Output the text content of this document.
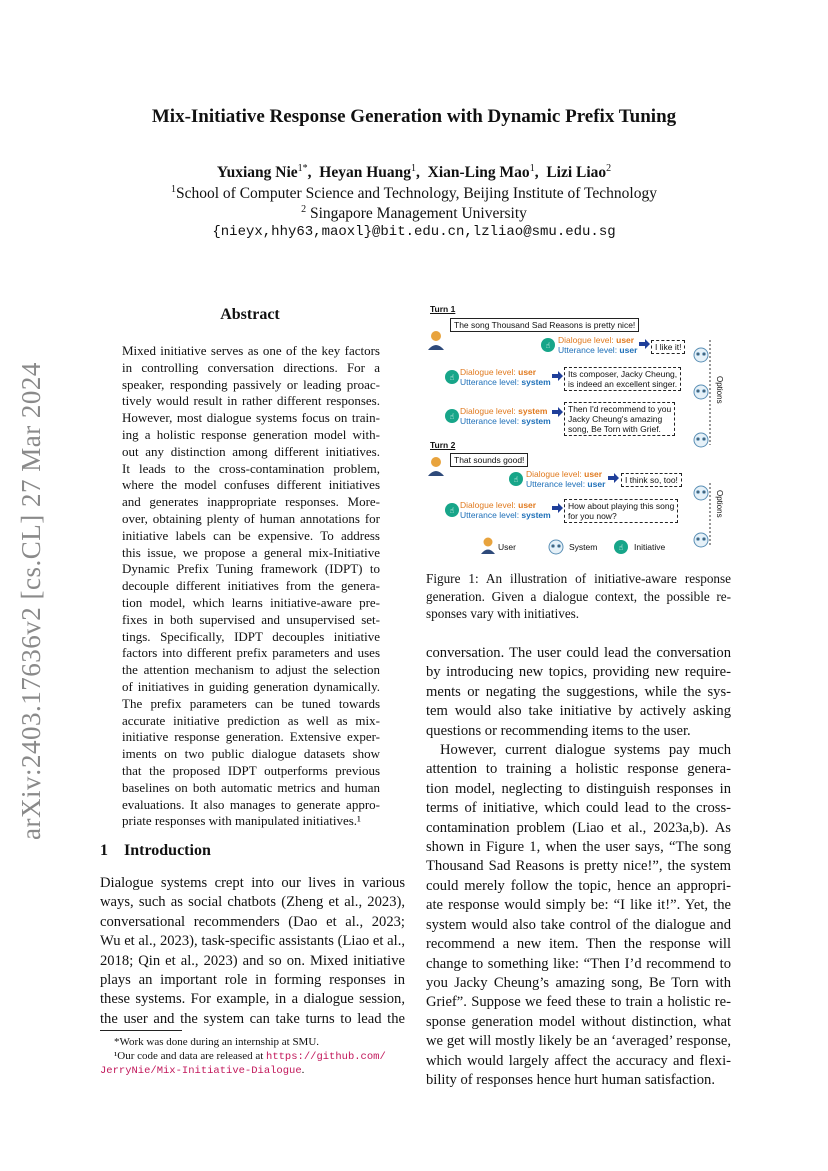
Mix-Initiative Response Generation with Dynamic Prefix Tuning
Yuxiang Nie$^{1*}$,  Heyan Huang$^1$,  Xian-Ling Mao$^1$,  Lizi Liao$^2$
$^1$School of Computer Science and Technology, Beijing Institute of Technology
$^2$ Singapore Management University
{nieyx,hhy63,maoxl}@bit.edu.cn,lzliao@smu.edu.sg
arXiv:2403.17636v2 [cs.CL] 27 Mar 2024
Abstract
Mixed initiative serves as one of the key factors
in controlling conversation directions. For a
speaker, responding passively or leading proac-
tively would result in rather different responses.
However, most dialogue systems focus on train-
ing a holistic response generation model with-
out any distinction among different initiatives.
It leads to the cross-contamination problem,
where the model confuses different initiatives
and generates inappropriate responses. More-
over, obtaining plenty of human annotations for
initiative labels can be expensive. To address
this issue, we propose a general mix-Initiative
Dynamic Prefix Tuning framework (IDPT) to
decouple different initiatives from the genera-
tion model, which learns initiative-aware pre-
fixes in both supervised and unsupervised set-
tings. Specifically, IDPT decouples initiative
factors into different prefix parameters and uses
the attention mechanism to adjust the selection
of initiatives in guiding generation dynamically.
The prefix parameters can be tuned towards
accurate initiative prediction as well as mix-
initiative response generation. Extensive exper-
iments on two public dialogue datasets show
that the proposed IDPT outperforms previous
baselines on both automatic metrics and human
evaluations. It also manages to generate appro-
priate responses with manipulated initiatives.¹
1 Introduction
Dialogue systems crept into our lives in various
ways, such as social chatbots (Zheng et al., 2023),
conversational recommenders (Dao et al., 2023;
Wu et al., 2023), task-specific assistants (Liao et al.,
2018; Qin et al., 2023) and so on. Mixed initiative
plays an important role in forming responses in
these systems. For example, in a dialogue session,
the user and the system can take turns to lead the
conversation. The user could lead the conversation
by introducing new topics, providing new require-
ments or negating the suggestions, while the sys-
tem would also take initiative by actively asking
questions or recommending items to the user.
However, current dialogue systems pay much
attention to training a holistic response genera-
tion model, neglecting to distinguish responses in
terms of initiative, which could lead to the cross-
contamination problem (Liao et al., 2023a,b). As
shown in Figure 1, when the user says, “The song
Thousand Sad Reasons is pretty nice!”, the system
could merely follow the topic, hence an appropri-
ate response would simply be: “I like it!”. Yet, the
system would also take control of the dialogue and
recommend a new item. Then the response will
change to something like: “Then I’d recommend to
you Jacky Cheung’s amazing song, Be Torn with
Grief”. Suppose we feed these to train a holistic re-
sponse generation model without distinction, what
we get will mostly likely be an ‘averaged’ response,
which would largely affect the accuracy and flexi-
bility of responses hence hurt human satisfaction.
*Work was done during an internship at SMU.
¹Our code and data are released at https://github.com/
JerryNie/Mix-Initiative-Dialogue.
☝
☝
☝
☝
☝
☝
Turn 1
The song Thousand Sad Reasons is pretty nice!
Dialogue level: user
Utterance level: user	I like it!
Dialogue level: user
Utterance level: system
Its composer, Jacky Cheung,
is indeed an excellent singer.
Dialogue level: system
Utterance level: system
Then I'd recommend to you
Jacky Cheung's amazing
song, Be Torn with Grief.
Options
Turn 2
That sounds good!
Dialogue level: user
Utterance level: user	I think so, too!
Dialogue level: user
Utterance level: system
How about playing this song
for you now?	Options
User	System	Initiative
Figure 1: An illustration of initiative-aware response
generation. Given a dialogue context, the possible re-
sponses vary with initiatives.
